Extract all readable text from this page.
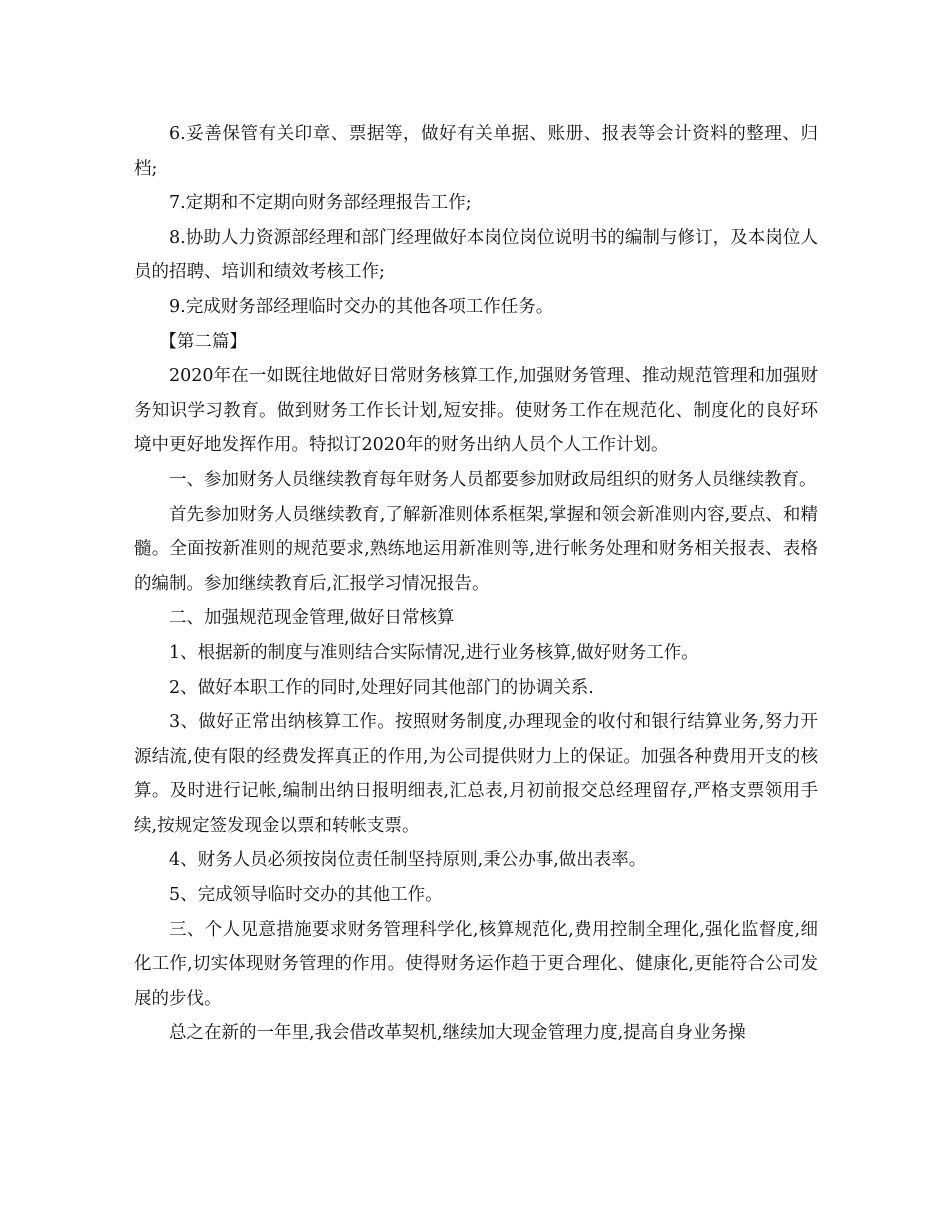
6.妥善保管有关印章、票据等，做好有关单据、账册、报表等会计资料的整理、归档;

7.定期和不定期向财务部经理报告工作;

8.协助人力资源部经理和部门经理做好本岗位岗位说明书的编制与修订，及本岗位人员的招聘、培训和绩效考核工作;

9.完成财务部经理临时交办的其他各项工作任务。

【第二篇】

2020年在一如既往地做好日常财务核算工作,加强财务管理、推动规范管理和加强财务知识学习教育。做到财务工作长计划,短安排。使财务工作在规范化、制度化的良好环境中更好地发挥作用。特拟订2020年的财务出纳人员个人工作计划。

一、参加财务人员继续教育每年财务人员都要参加财政局组织的财务人员继续教育。

首先参加财务人员继续教育,了解新准则体系框架,掌握和领会新准则内容,要点、和精髓。全面按新准则的规范要求,熟练地运用新准则等,进行帐务处理和财务相关报表、表格的编制。参加继续教育后,汇报学习情况报告。

二、加强规范现金管理,做好日常核算

1、根据新的制度与准则结合实际情况,进行业务核算,做好财务工作。

2、做好本职工作的同时,处理好同其他部门的协调关系.

3、做好正常出纳核算工作。按照财务制度,办理现金的收付和银行结算业务,努力开源结流,使有限的经费发挥真正的作用,为公司提供财力上的保证。加强各种费用开支的核算。及时进行记帐,编制出纳日报明细表,汇总表,月初前报交总经理留存,严格支票领用手续,按规定签发现金以票和转帐支票。

4、财务人员必须按岗位责任制坚持原则,秉公办事,做出表率。

5、完成领导临时交办的其他工作。

三、个人见意措施要求财务管理科学化,核算规范化,费用控制全理化,强化监督度,细化工作,切实体现财务管理的作用。使得财务运作趋于更合理化、健康化,更能符合公司发展的步伐。

总之在新的一年里,我会借改革契机,继续加大现金管理力度,提高自身业务操
